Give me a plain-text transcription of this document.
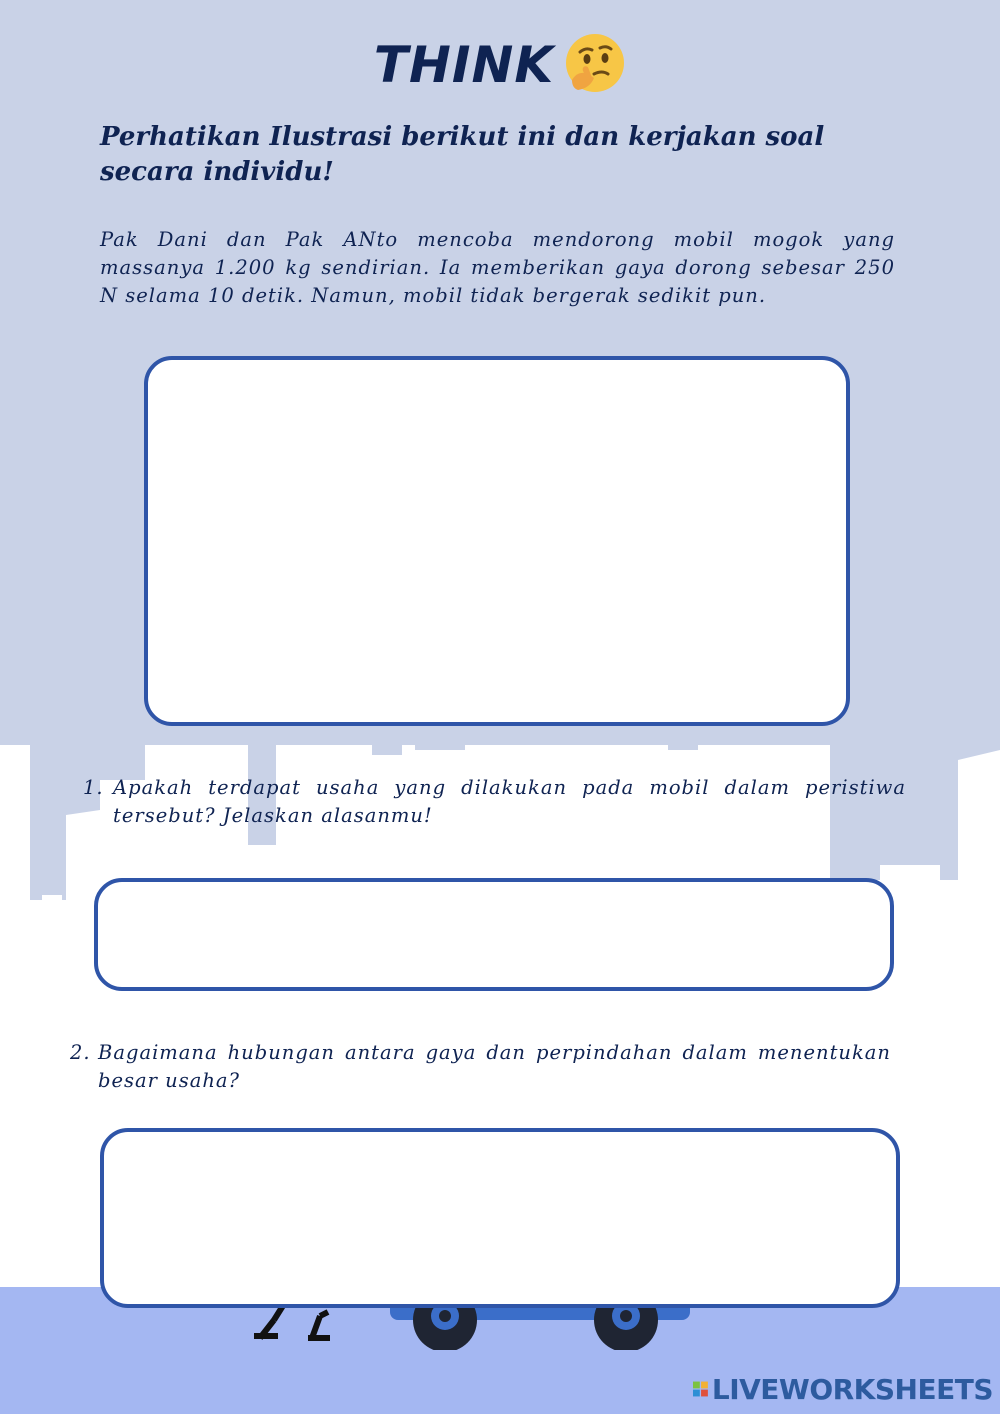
THINK
Perhatikan Ilustrasi berikut ini dan kerjakan soal secara individu!
Pak Dani dan Pak ANto mencoba mendorong mobil mogok yang massanya 1.200 kg sendirian. Ia memberikan gaya dorong sebesar 250 N selama 10 detik. Namun, mobil tidak bergerak sedikit pun.
1. Apakah terdapat usaha yang dilakukan pada mobil dalam peristiwa tersebut? Jelaskan alasanmu!
2. Bagaimana hubungan antara gaya dan perpindahan dalam menentukan besar usaha?
LIVEWORKSHEETS
